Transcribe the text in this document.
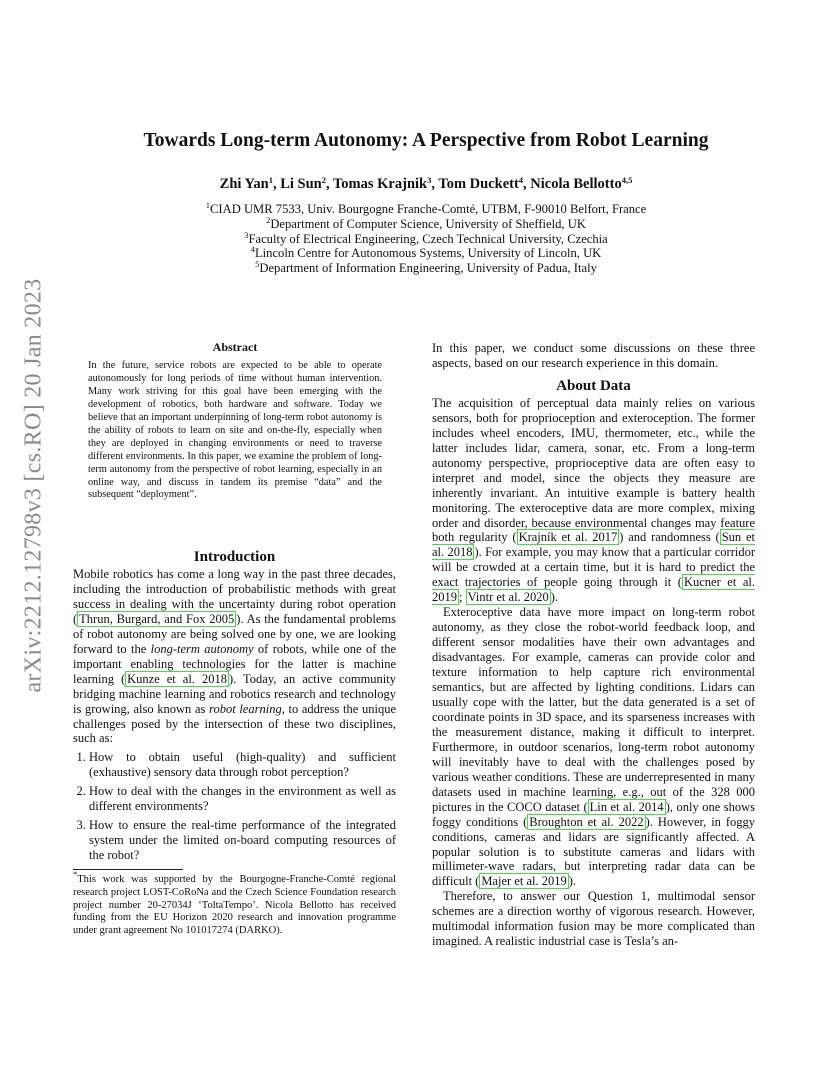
arXiv:2212.12798v3 [cs.RO] 20 Jan 2023
Towards Long-term Autonomy: A Perspective from Robot Learning
Zhi Yan$^1$, Li Sun$^2$, Tomas Krajnik$^3$, Tom Duckett$^4$, Nicola Bellotto$^{4,5}$
$^1$CIAD UMR 7533, Univ. Bourgogne Franche-Comté, UTBM, F-90010 Belfort, France
$^2$Department of Computer Science, University of Sheffield, UK
$^3$Faculty of Electrical Engineering, Czech Technical University, Czechia
$^4$Lincoln Centre for Autonomous Systems, University of Lincoln, UK
$^5$Department of Information Engineering, University of Padua, Italy
Abstract

In the future, service robots are expected to be able to operate autonomously for long periods of time without human intervention. Many work striving for this goal have been emerging with the development of robotics, both hardware and software. Today we believe that an important underpinning of long-term robot autonomy is the ability of robots to learn on site and on-the-fly, especially when they are deployed in changing environments or need to traverse different environments. In this paper, we examine the problem of long-term autonomy from the perspective of robot learning, especially in an online way, and discuss in tandem its premise “data” and the subsequent “deployment”.

Introduction

Mobile robotics has come a long way in the past three decades, including the introduction of probabilistic methods with great success in dealing with the uncertainty during robot operation ( Thrun, Burgard, and Fox 2005 ). As the fundamental problems of robot autonomy are being solved one by one, we are looking forward to the long-term autonomy of robots, while one of the important enabling technologies for the latter is machine learning ( Kunze et al. 2018 ). Today, an active community bridging machine learning and robotics research and technology is growing, also known as robot learning, to address the unique challenges posed by the intersection of these two disciplines, such as:

1. How to obtain useful (high-quality) and sufficient (exhaustive) sensory data through robot perception?
2. How to deal with the changes in the environment as well as different environments?
3. How to ensure the real-time performance of the integrated system under the limited on-board computing resources of the robot?

*This work was supported by the Bourgogne-Franche-Comté regional research project LOST-CoRoNa and the Czech Science Foundation research project number 20-27034J ‘ToltaTempo’. Nicola Bellotto has received funding from the EU Horizon 2020 research and innovation programme under grant agreement No 101017274 (DARKO).

In this paper, we conduct some discussions on these three aspects, based on our research experience in this domain.

About Data

The acquisition of perceptual data mainly relies on various sensors, both for proprioception and exteroception. The former includes wheel encoders, IMU, thermometer, etc., while the latter includes lidar, camera, sonar, etc. From a long-term autonomy perspective, proprioceptive data are often easy to interpret and model, since the objects they measure are inherently invariant. An intuitive example is battery health monitoring. The exteroceptive data are more complex, mixing order and disorder, because environmental changes may feature both regularity ( Krajník et al. 2017 ) and randomness ( Sun et al. 2018 ). For example, you may know that a particular corridor will be crowded at a certain time, but it is hard to predict the exact trajectories of people going through it ( Kucner et al. 2019 ; Vintr et al. 2020 ).

Exteroceptive data have more impact on long-term robot autonomy, as they close the robot-world feedback loop, and different sensor modalities have their own advantages and disadvantages. For example, cameras can provide color and texture information to help capture rich environmental semantics, but are affected by lighting conditions. Lidars can usually cope with the latter, but the data generated is a set of coordinate points in 3D space, and its sparseness increases with the measurement distance, making it difficult to interpret. Furthermore, in outdoor scenarios, long-term robot autonomy will inevitably have to deal with the challenges posed by various weather conditions. These are underrepresented in many datasets used in machine learning, e.g., out of the 328 000 pictures in the COCO dataset ( Lin et al. 2014 ), only one shows foggy conditions ( Broughton et al. 2022 ). However, in foggy conditions, cameras and lidars are significantly affected. A popular solution is to substitute cameras and lidars with millimeter-wave radars, but interpreting radar data can be difficult ( Majer et al. 2019 ).

Therefore, to answer our Question 1, multimodal sensor schemes are a direction worthy of vigorous research. However, multimodal information fusion may be more complicated than imagined. A realistic industrial case is Tesla’s an-
